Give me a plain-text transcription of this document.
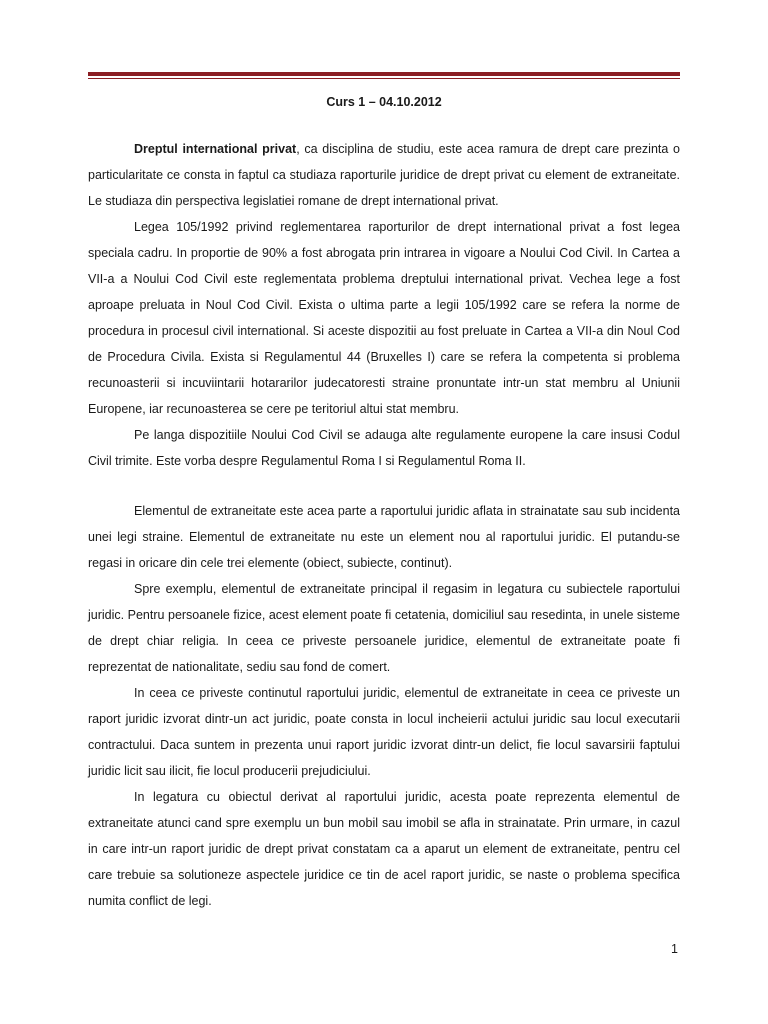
Curs 1 – 04.10.2012

Dreptul international privat, ca disciplina de studiu, este acea ramura de drept care prezinta o particularitate ce consta in faptul ca studiaza raporturile juridice de drept privat cu element de extraneitate. Le studiaza din perspectiva legislatiei romane de drept international privat.

Legea 105/1992 privind reglementarea raporturilor de drept international privat a fost legea speciala cadru. In proportie de 90% a fost abrogata prin intrarea in vigoare a Noului Cod Civil. In Cartea a VII-a a Noului Cod Civil este reglementata problema dreptului international privat. Vechea lege a fost aproape preluata in Noul Cod Civil. Exista o ultima parte a legii 105/1992 care se refera la norme de procedura in procesul civil international. Si aceste dispozitii au fost preluate in Cartea a VII-a din Noul Cod de Procedura Civila. Exista si Regulamentul 44 (Bruxelles I) care se refera la competenta si problema recunoasterii si incuviintarii hotararilor judecatoresti straine pronuntate intr-un stat membru al Uniunii Europene, iar recunoasterea se cere pe teritoriul altui stat membru.

Pe langa dispozitiile Noului Cod Civil se adauga alte regulamente europene la care insusi Codul Civil trimite. Este vorba despre Regulamentul Roma I si Regulamentul Roma II.

Elementul de extraneitate este acea parte a raportului juridic aflata in strainatate sau sub incidenta unei legi straine. Elementul de extraneitate nu este un element nou al raportului juridic. El putandu-se regasi in oricare din cele trei elemente (obiect, subiecte, continut).

Spre exemplu, elementul de extraneitate principal il regasim in legatura cu subiectele raportului juridic. Pentru persoanele fizice, acest element poate fi cetatenia, domiciliul sau resedinta, in unele sisteme de drept chiar religia. In ceea ce priveste persoanele juridice, elementul de extraneitate poate fi reprezentat de nationalitate, sediu sau fond de comert.

In ceea ce priveste continutul raportului juridic, elementul de extraneitate in ceea ce priveste un raport juridic izvorat dintr-un act juridic, poate consta in locul incheierii actului juridic sau locul executarii contractului. Daca suntem in prezenta unui raport juridic izvorat dintr-un delict, fie locul savarsirii faptului juridic licit sau ilicit, fie locul producerii prejudiciului.

In legatura cu obiectul derivat al raportului juridic, acesta poate reprezenta elementul de extraneitate atunci cand spre exemplu un bun mobil sau imobil se afla in strainatate. Prin urmare, in cazul in care intr-un raport juridic de drept privat constatam ca a aparut un element de extraneitate, pentru cel care trebuie sa solutioneze aspectele juridice ce tin de acel raport juridic, se naste o problema specifica numita conflict de legi.

1
